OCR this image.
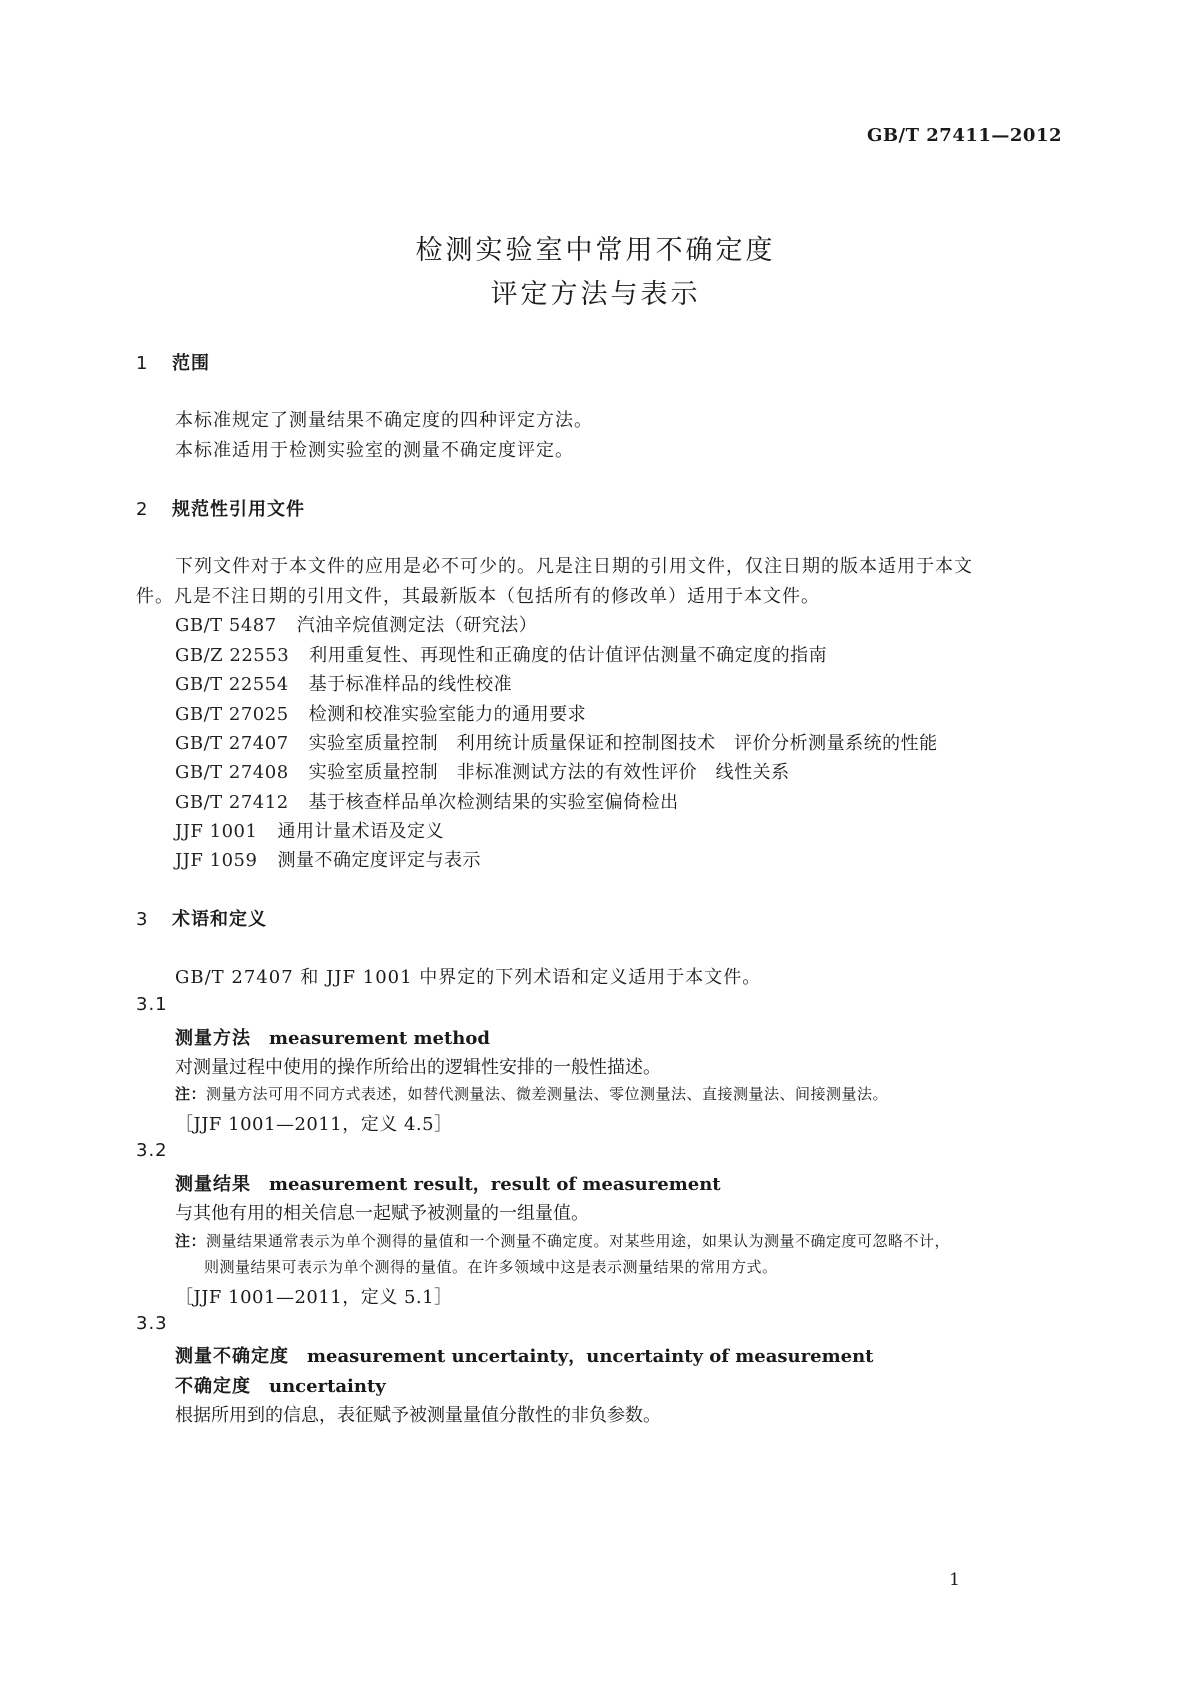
GB/T 27411—2012
检测实验室中常用不确定度
评定方法与表示
1 范围
本标准规定了测量结果不确定度的四种评定方法。
本标准适用于检测实验室的测量不确定度评定。
2 规范性引用文件
下列文件对于本文件的应用是必不可少的。凡是注日期的引用文件，仅注日期的版本适用于本文
件。凡是不注日期的引用文件，其最新版本（包括所有的修改单）适用于本文件。
GB/T 5487 汽油辛烷值测定法（研究法）
GB/Z 22553 利用重复性、再现性和正确度的估计值评估测量不确定度的指南
GB/T 22554 基于标准样品的线性校准
GB/T 27025 检测和校准实验室能力的通用要求
GB/T 27407 实验室质量控制　利用统计质量保证和控制图技术　评价分析测量系统的性能
GB/T 27408 实验室质量控制　非标准测试方法的有效性评价　线性关系
GB/T 27412 基于核查样品单次检测结果的实验室偏倚检出
JJF 1001 通用计量术语及定义
JJF 1059 测量不确定度评定与表示
3 术语和定义
GB/T 27407 和 JJF 1001 中界定的下列术语和定义适用于本文件。
3.1
测量方法 measurement method
对测量过程中使用的操作所给出的逻辑性安排的一般性描述。
注：测量方法可用不同方式表述，如替代测量法、微差测量法、零位测量法、直接测量法、间接测量法。
［JJF 1001—2011，定义 4.5］
3.2
测量结果 measurement result，result of measurement
与其他有用的相关信息一起赋予被测量的一组量值。
注：测量结果通常表示为单个测得的量值和一个测量不确定度。对某些用途，如果认为测量不确定度可忽略不计，
则测量结果可表示为单个测得的量值。在许多领域中这是表示测量结果的常用方式。
［JJF 1001—2011，定义 5.1］
3.3
测量不确定度 measurement uncertainty，uncertainty of measurement
不确定度 uncertainty
根据所用到的信息，表征赋予被测量量值分散性的非负参数。
1
